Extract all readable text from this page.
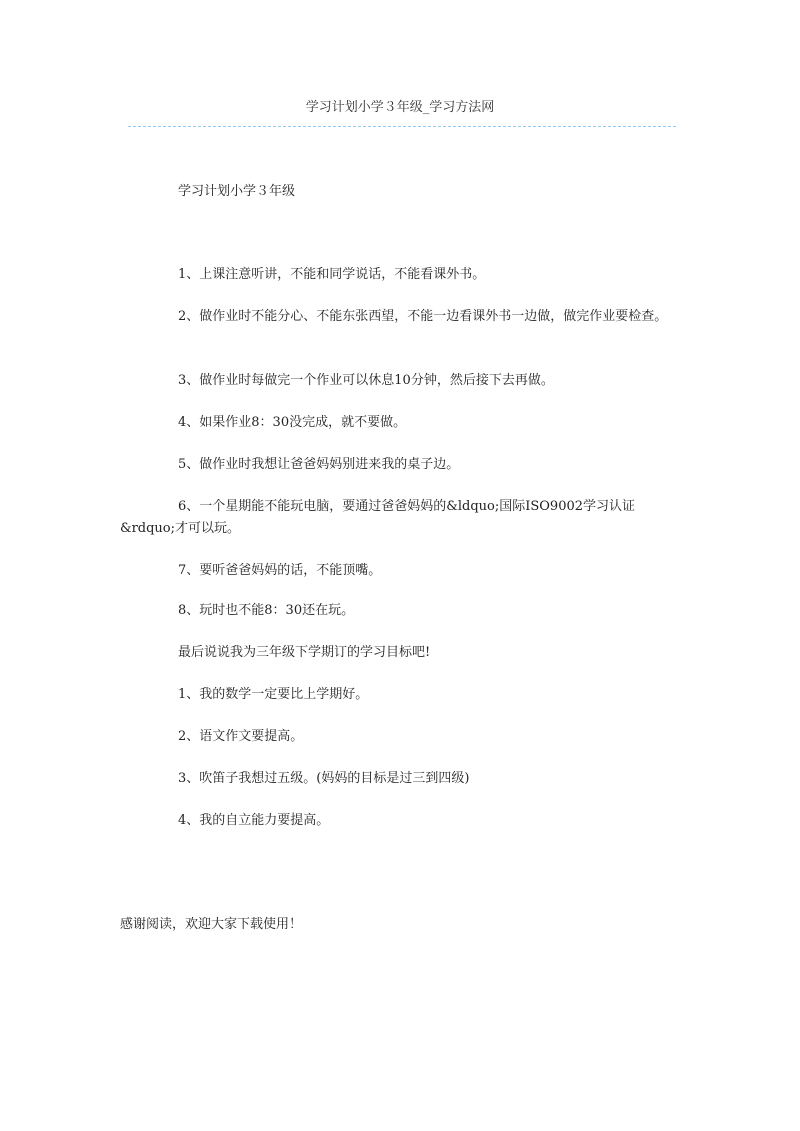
学习计划小学３年级_学习方法网

学习计划小学３年级

1、上课注意听讲，不能和同学说话，不能看课外书。

2、做作业时不能分心、不能东张西望，不能一边看课外书一边做，做完作业要检查。

3、做作业时每做完一个作业可以休息10分钟，然后接下去再做。

4、如果作业8：30没完成，就不要做。

5、做作业时我想让爸爸妈妈别进来我的桌子边。

6、一个星期能不能玩电脑，要通过爸爸妈妈的&ldquo;国际ISO9002学习认证&rdquo;才可以玩。

7、要听爸爸妈妈的话，不能顶嘴。

8、玩时也不能8：30还在玩。

最后说说我为三年级下学期订的学习目标吧!

1、我的数学一定要比上学期好。

2、语文作文要提高。

3、吹笛子我想过五级。(妈妈的目标是过三到四级)

4、我的自立能力要提高。

感谢阅读，欢迎大家下载使用！
